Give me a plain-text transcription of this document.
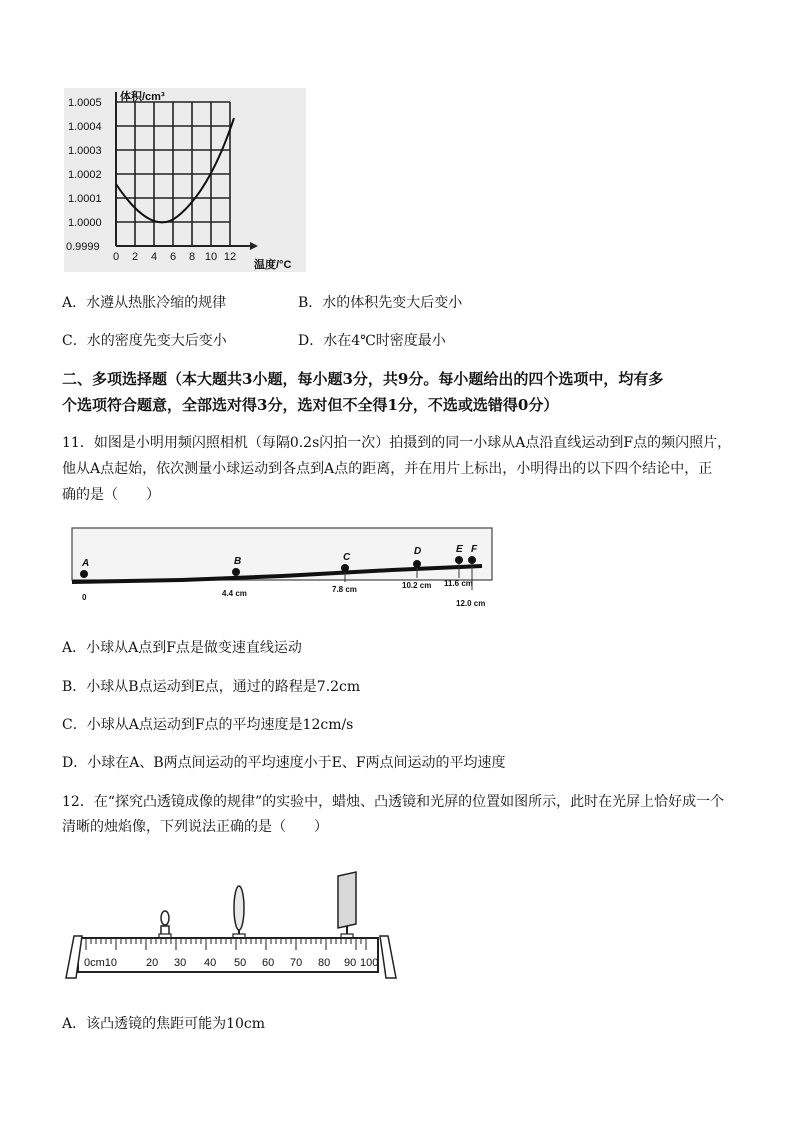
1.0005
1.0004
1.0003
1.0002
1.0001
1.0000
0.9999
体积/cm³
0 2 4 6 8 10 12
温度/°C
A．水遵从热胀冷缩的规律	B．水的体积先变大后变小
C．水的密度先变大后变小	D．水在4℃时密度最小
二、多项选择题（本大题共3小题，每小题3分，共9分。每小题给出的四个选项中，均有多
个选项符合题意，全部选对得3分，选对但不全得1分，不选或选错得0分）
11．如图是小明用频闪照相机（每隔0.2s闪拍一次）拍摄到的同一小球从A点沿直线运动到F点的频闪照片，
他从A点起始，依次测量小球运动到各点到A点的距离，并在用片上标出，小明得出的以下四个结论中，正
确的是（　　）
A	B	C
D	E F
0	4.4 cm	7.8 cm	10.2 cm 11.6 cm
12.0 cm
A．小球从A点到F点是做变速直线运动
B．小球从B点运动到E点，通过的路程是7.2cm
C．小球从A点运动到F点的平均速度是12cm/s
D．小球在A、B两点间运动的平均速度小于E、F两点间运动的平均速度
12．在“探究凸透镜成像的规律”的实验中，蜡烛、凸透镜和光屏的位置如图所示，此时在光屏上恰好成一个
清晰的烛焰像，下列说法正确的是（　　）
0cm10	20 30 40 50 60 70 80 90 100
A．该凸透镜的焦距可能为10cm
